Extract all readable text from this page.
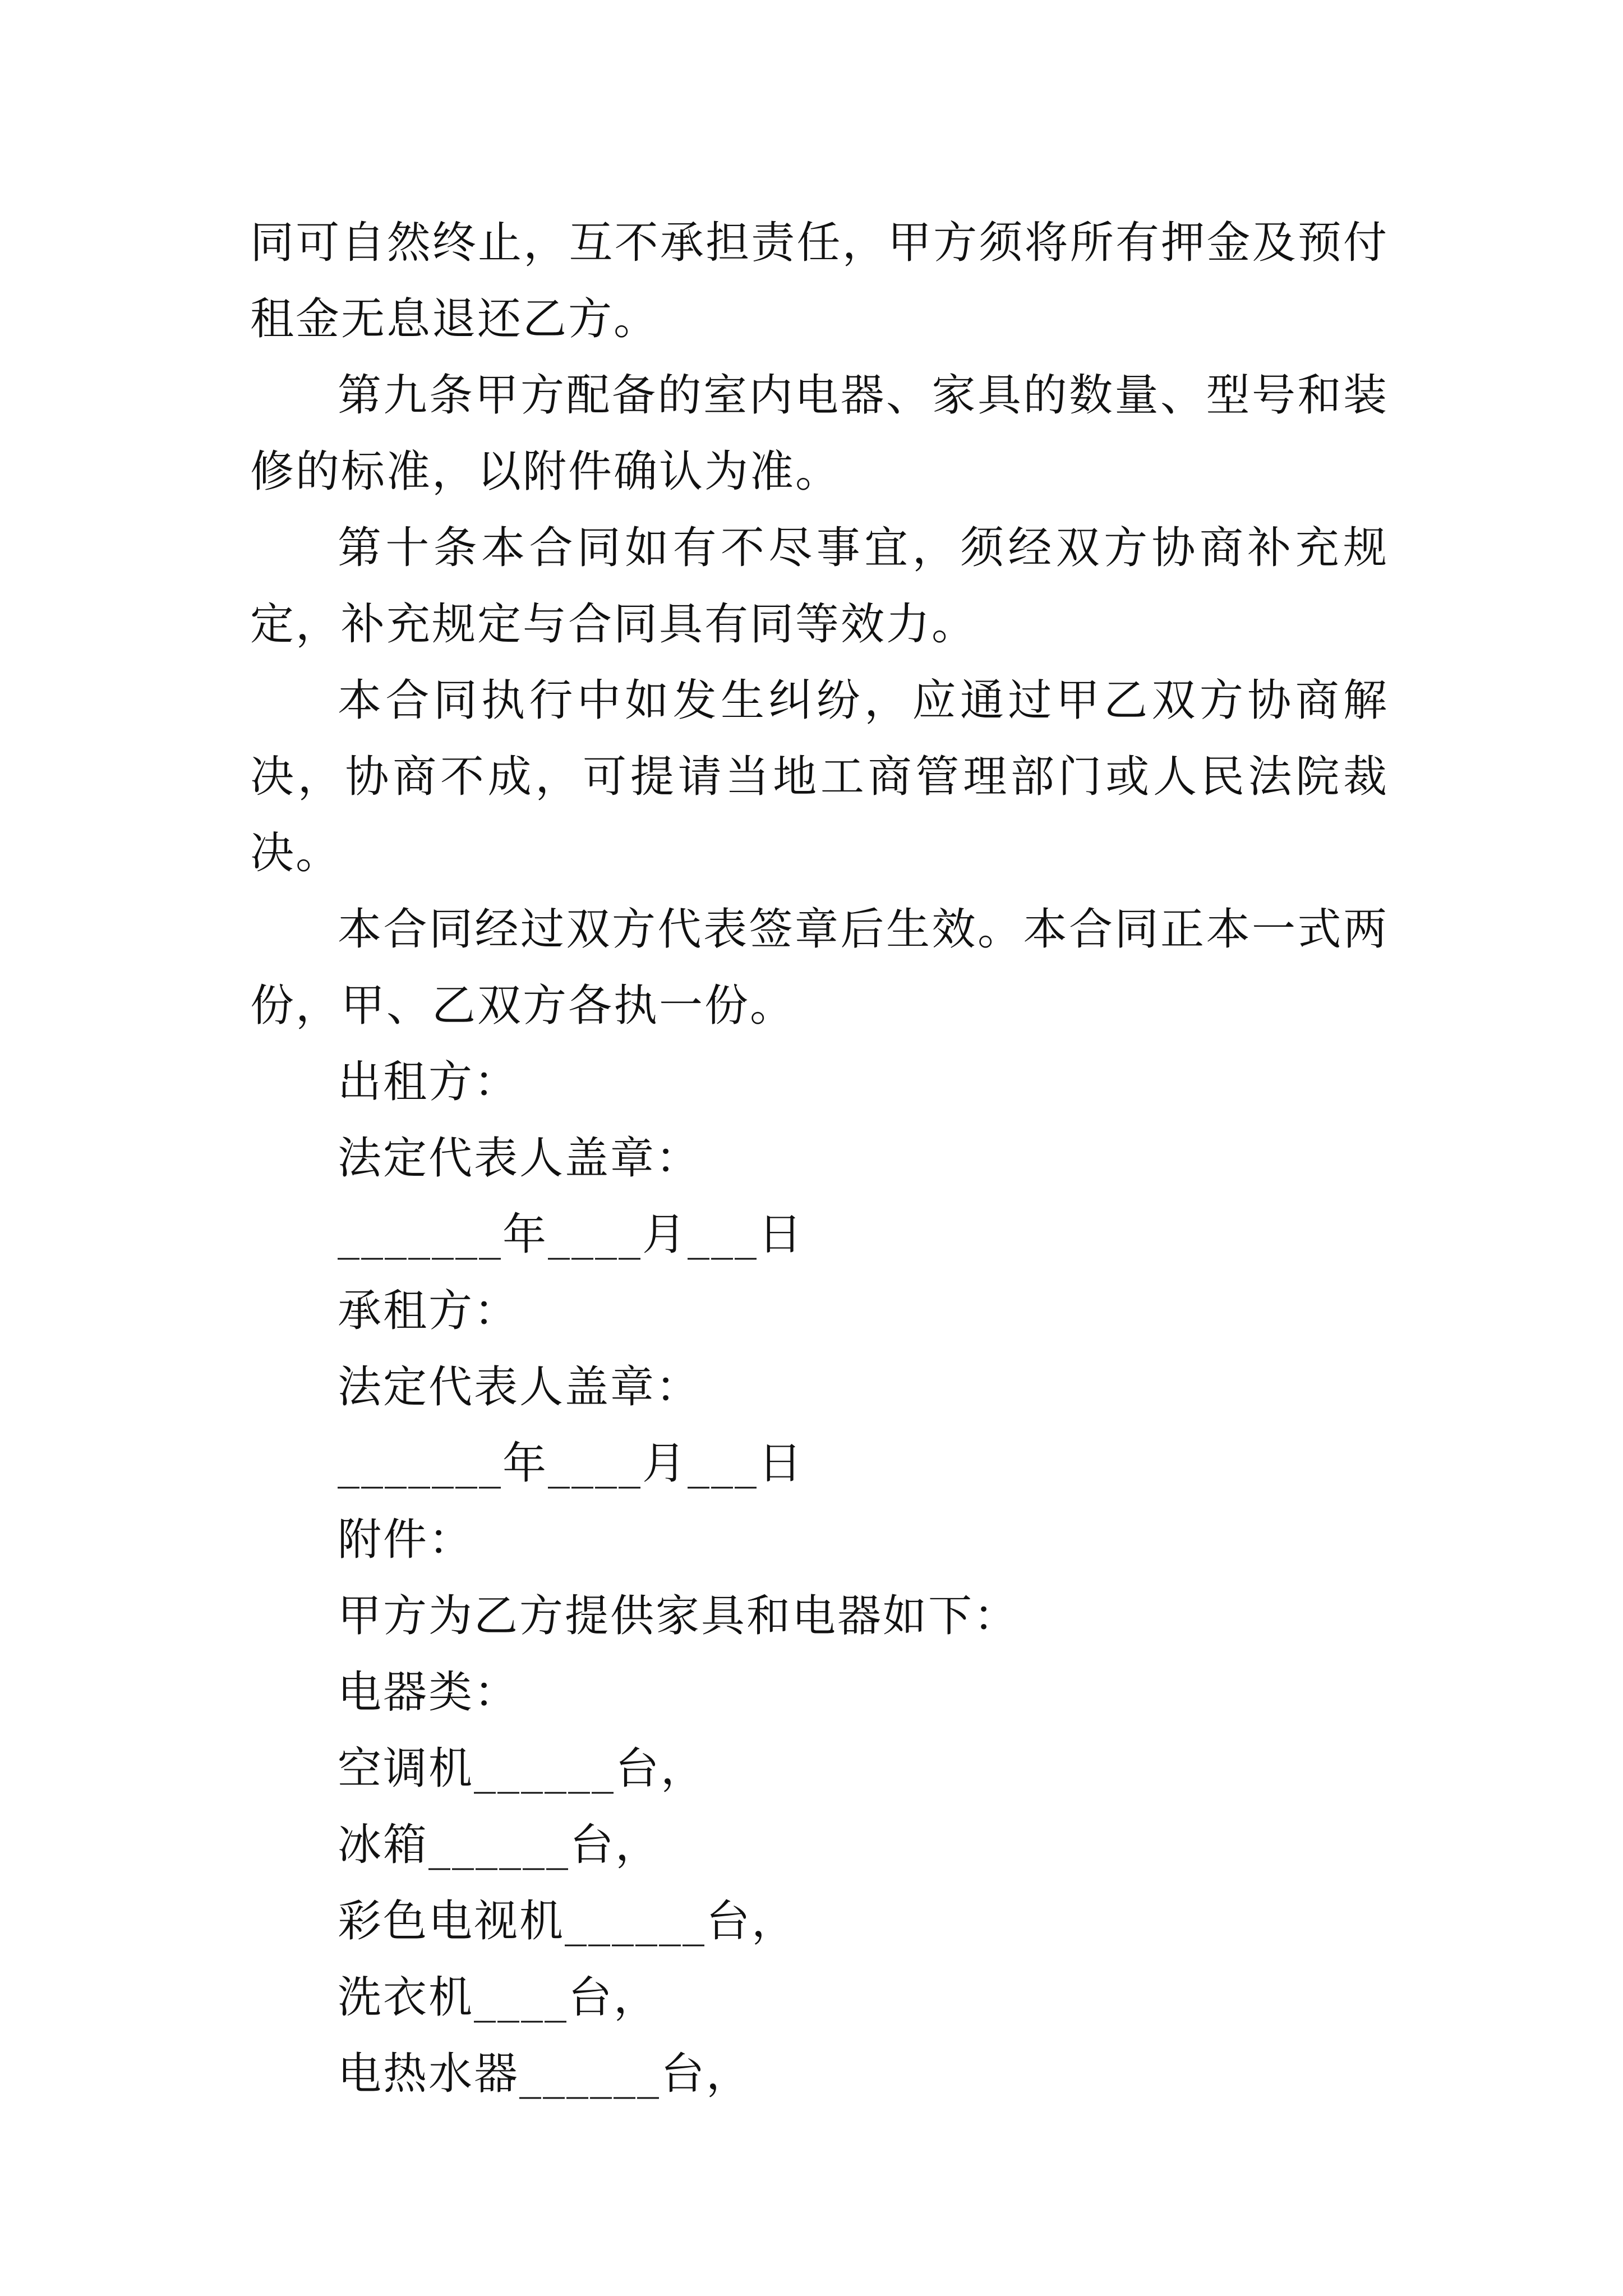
同可自然终止，互不承担责任，甲方须将所有押金及预付租金无息退还乙方。

第九条甲方配备的室内电器、家具的数量、型号和装修的标准，以附件确认为准。

第十条本合同如有不尽事宜，须经双方协商补充规定，补充规定与合同具有同等效力。

本合同执行中如发生纠纷，应通过甲乙双方协商解决，协商不成，可提请当地工商管理部门或人民法院裁决。

本合同经过双方代表签章后生效。本合同正本一式两份，甲、乙双方各执一份。

出租方：

法定代表人盖章：

_______年____月___日

承租方：

法定代表人盖章：

_______年____月___日

附件：

甲方为乙方提供家具和电器如下：

电器类：

空调机______台，

冰箱______台，

彩色电视机______台，

洗衣机____台，

电热水器______台，
